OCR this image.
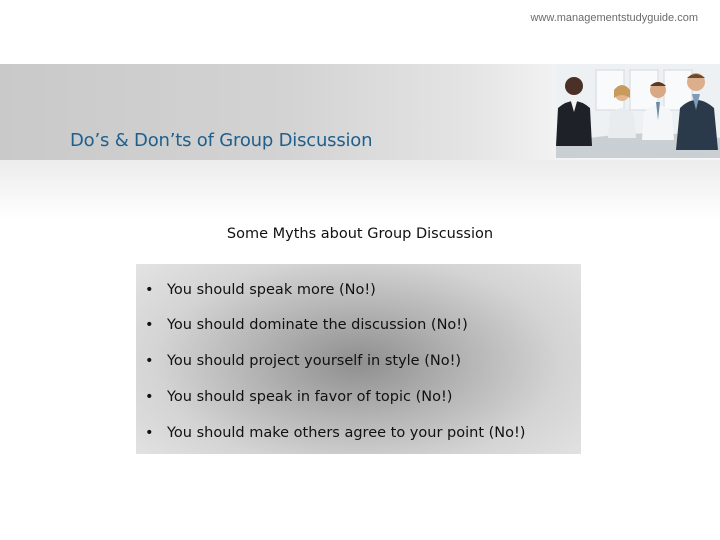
www.managementstudyguide.com
Do’s & Don’ts of Group Discussion
Some Myths about Group Discussion
• You should speak more (No!)
• You should dominate the discussion (No!)
• You should project yourself in style (No!)
• You should speak in favor of topic (No!)
• You should make others agree to your point (No!)
